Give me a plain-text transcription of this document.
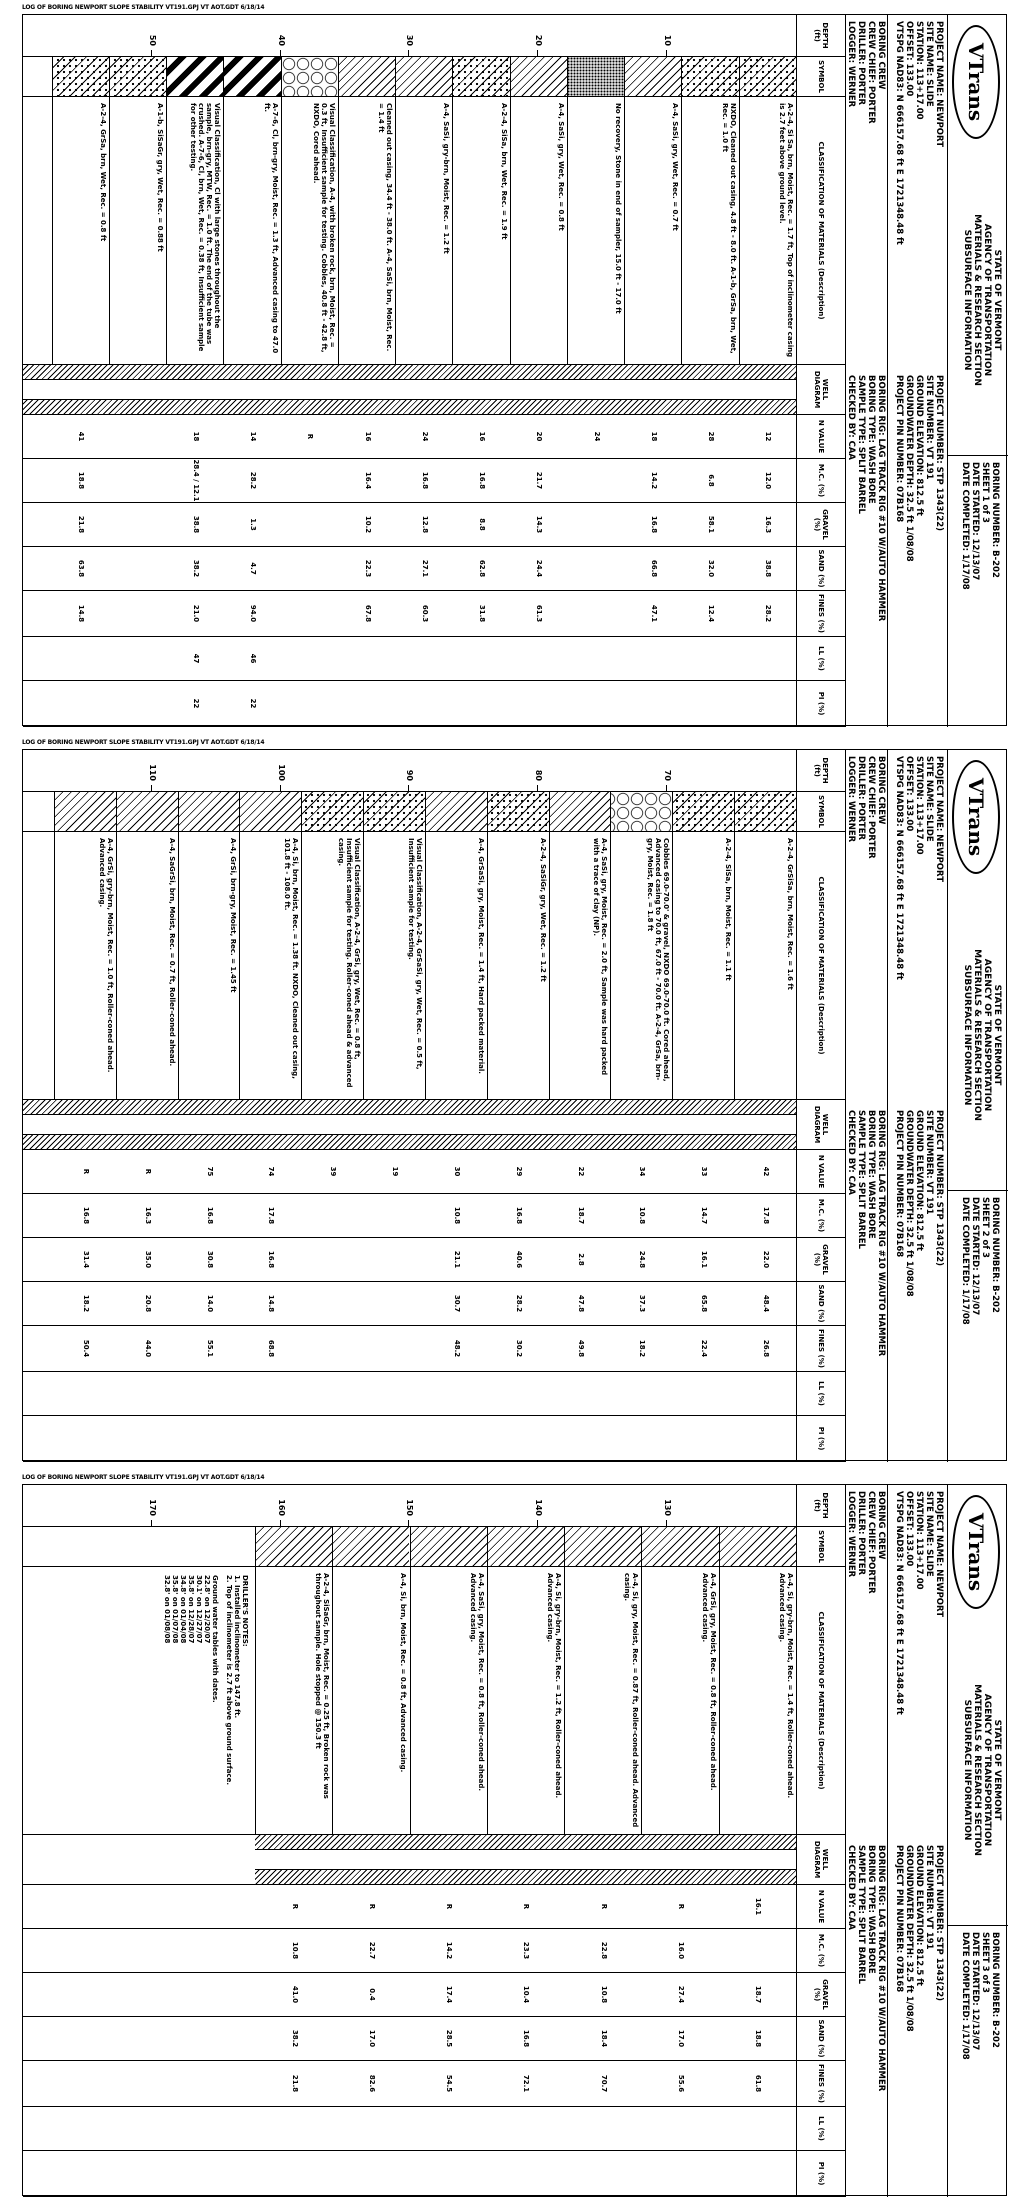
LOG OF BORING NEWPORT SLOPE STABILITY VT191.GPJ VT AOT.GDT 6/18/14
VTrans
STATE OF VERMONT
AGENCY OF TRANSPORTATION
MATERIALS & RESEARCH SECTION
SUBSURFACE INFORMATION
BORING NUMBER: B-202
SHEET 1 of 3
DATE STARTED: 12/13/07
DATE COMPLETED: 1/17/08
PROJECT NAME: NEWPORT
SITE NAME: SLIDE
STATION: 113+17.00
OFFSET: 133.00
VTSPG NAD83: N 666157.68 ft E 1721348.48 ft
PROJECT NUMBER: STP 1343(22)
SITE NUMBER: VT 191
GROUND ELEVATION: 812.5 ft
GROUNDWATER DEPTH: 32.5 ft 1/08/08
PROJECT PIN NUMBER: 07B168
BORING CREW
CREW CHIEF: PORTER
DRILLER: PORTER
LOGGER: WERNER
BORING RIG: LAG TRACK RIG #10 W/AUTO HAMMER
BORING TYPE: WASH BORE
SAMPLE TYPE: SPLIT BARREL
CHECKED BY: CAA
DEPTH (ft)
10
20
30
40
50
SYMBOL
CLASSIFICATION OF MATERIALS (Description)
A-2-4, Si Sa, brn, Moist, Rec. = 1.7 ft, Top of inclinometer casing is 2.7 feet above ground level.
NXDO, Cleaned out casing, 4.8 ft - 8.0 ft. A-1-b, GrSa, brn, Wet, Rec. = 1.0 ft
A-4, SaSi, gry, Wet, Rec. = 0.7 ft
No recovery, Stone in end of sampler, 15.0 ft - 17.0 ft
A-4, SaSi, gry, Wet, Rec. = 0.8 ft
A-2-4, SiSa, brn, Wet, Rec. = 1.9 ft
A-4, SaSi, gry-brn, Moist, Rec. = 1.2 ft
Cleaned out casing, 34.4 ft - 38.0 ft. A-4, SaSi, brn, Moist, Rec. = 1.4 ft
Visual Classification, A-4, with broken rock, brn, Moist, Rec. = 0.3 ft, Insufficient sample for testing. Cobbles, 40.8 ft - 42.8 ft, NXDO, Cored ahead.
A-7-6, Cl, brn-gry, Moist, Rec. = 1.3 ft, Advanced casing to 47.0 ft.
Visual Classification, Cl with large stones throughout the sample, brn-gry, MTW, Rec. = 1.0 ft. The end of the tube was crushed. A-7-6, Cl, brn, Wet, Rec. = 0.38 ft, Insufficient sample for other testing.
A-1-b, SiSaGr, gry, Wet, Rec. = 0.88 ft
A-2-4, GrSa, brn, Wet, Rec. = 0.8 ft
WELL DIAGRAM
N VALUE
12
28
18
24
20
16
24
16
R
14
18
41
M.C. (%)
12.0
6.8
14.2
21.7
16.8
16.8
16.4
28.2
28.4 / 12.1
18.8
GRAVEL (%)
16.3
58.1
16.8
14.3
8.8
12.8
10.2
1.3
38.8
21.8
SAND (%)
38.8
32.0
66.8
24.4
62.8
27.1
22.3
4.7
38.2
63.8
FINES (%)
28.2
12.4
47.1
61.3
31.8
60.3
67.8
94.0
21.0
14.8
LL (%)
46
47
PI (%)
22
22
LOG OF BORING NEWPORT SLOPE STABILITY VT191.GPJ VT AOT.GDT 6/18/14
VTrans
STATE OF VERMONT
AGENCY OF TRANSPORTATION
MATERIALS & RESEARCH SECTION
SUBSURFACE INFORMATION
BORING NUMBER: B-202
SHEET 2 of 3
DATE STARTED: 12/13/07
DATE COMPLETED: 1/17/08
PROJECT NAME: NEWPORT
SITE NAME: SLIDE
STATION: 113+17.00
OFFSET: 133.00
VTSPG NAD83: N 666157.68 ft E 1721348.48 ft
PROJECT NUMBER: STP 1343(22)
SITE NUMBER: VT 191
GROUND ELEVATION: 812.5 ft
GROUNDWATER DEPTH: 32.5 ft 1/08/08
PROJECT PIN NUMBER: 07B168
BORING CREW
CREW CHIEF: PORTER
DRILLER: PORTER
LOGGER: WERNER
BORING RIG: LAG TRACK RIG #10 W/AUTO HAMMER
BORING TYPE: WASH BORE
SAMPLE TYPE: SPLIT BARREL
CHECKED BY: CAA
DEPTH (ft)
70
80
90
100
110
SYMBOL
CLASSIFICATION OF MATERIALS (Description)
A-2-4, GrSiSa, brn, Moist, Rec. = 1.6 ft
A-2-4, SiSa, brn, Moist, Rec. = 1.1 ft
Cobbles 69.0-70.0' & gravel, NXDO 69.0-70.0 ft. Cored ahead, Advanced casing to 70.0 ft, 67.0 ft - 70.0 ft. A-2-4, GrSa, brn-gry, Moist, Rec. = 1.8 ft
A-4, SaSi, gry, Moist, Rec. = 2.0 ft, Sample was hard packed with a trace of clay (NP).
A-2-4, SaSiGr, gry, Wet, Rec. = 1.2 ft
A-4, GrSaSi, gry, Moist, Rec. = 1.4 ft, Hard packed material.
Visual Classification, A-2-4, GrSaSi, gry, Wet, Rec. = 0.5 ft, Insufficient sample for testing.
Visual Classification, A-2-4, GrSi, gry, Wet, Rec. = 0.8 ft, Insufficient sample for testing. Roller-coned ahead & advanced casing.
A-4, Si, brn, Moist, Rec. = 1.38 ft. NXDO, Cleaned out casing, 101.8 ft - 108.0 ft.
A-4, GrSi, brn-gry, Moist, Rec. = 1.45 ft
A-4, SaGrSi, brn, Moist, Rec. = 0.7 ft, Roller-coned ahead.
A-4, GrSi, gry-brn, Moist, Rec. = 1.0 ft, Roller-coned ahead. Advanced casing.
WELL DIAGRAM
N VALUE
42
33
34
22
29
30
19
39
74
75
R
R
M.C. (%)
17.8
14.7
10.8
18.7
16.8
10.8
17.8
16.8
16.3
16.8
GRAVEL (%)
22.0
16.1
24.8
2.8
40.6
21.1
16.8
30.8
35.0
31.4
SAND (%)
48.4
65.8
37.3
47.8
28.2
30.7
14.8
14.0
20.8
18.2
FINES (%)
26.8
22.4
18.2
49.8
30.2
48.2
68.8
55.1
44.0
50.4
LL (%)
PI (%)
LOG OF BORING NEWPORT SLOPE STABILITY VT191.GPJ VT AOT.GDT 6/18/14
VTrans
STATE OF VERMONT
AGENCY OF TRANSPORTATION
MATERIALS & RESEARCH SECTION
SUBSURFACE INFORMATION
BORING NUMBER: B-202
SHEET 3 of 3
DATE STARTED: 12/13/07
DATE COMPLETED: 1/17/08
PROJECT NAME: NEWPORT
SITE NAME: SLIDE
STATION: 113+17.00
OFFSET: 133.00
VTSPG NAD83: N 666157.68 ft E 1721348.48 ft
PROJECT NUMBER: STP 1343(22)
SITE NUMBER: VT 191
GROUND ELEVATION: 812.5 ft
GROUNDWATER DEPTH: 32.5 ft 1/08/08
PROJECT PIN NUMBER: 07B168
BORING CREW
CREW CHIEF: PORTER
DRILLER: PORTER
LOGGER: WERNER
BORING RIG: LAG TRACK RIG #10 W/AUTO HAMMER
BORING TYPE: WASH BORE
SAMPLE TYPE: SPLIT BARREL
CHECKED BY: CAA
DEPTH (ft)
130
140
150
160
170
SYMBOL
CLASSIFICATION OF MATERIALS (Description)
A-4, Si, gry-brn, Moist, Rec. = 1.4 ft, Roller-coned ahead. Advanced casing.
A-4, GrSi, gry, Moist, Rec. = 0.8 ft, Roller-coned ahead. Advanced casing.
A-4, Si, gry, Moist, Rec. = 0.87 ft, Roller-coned ahead. Advanced casing.
A-4, Si, gry-brn, Moist, Rec. = 1.2 ft, Roller-coned ahead. Advanced casing.
A-4, SaSi, gry, Moist, Rec. = 0.8 ft, Roller-coned ahead. Advanced casing.
A-4, Si, brn, Moist, Rec. = 0.8 ft, Advanced casing.
A-2-4, SiSaGr, brn, Moist, Rec. = 0.25 ft, Broken rock was throughout sample. Hole stopped @ 150.3 ft
DRILLER'S NOTES:
1. Installed inclinometer to 147.8 ft.
2. Top of inclinometer is 2.7 ft above ground surface.
Ground water tables with dates.
22.8' on 12/20/07
30.1' on 12/27/07
35.8' on 12/28/07
34.8' on 01/04/08
35.8' on 01/07/08
32.8' on 01/08/08
WELL DIAGRAM
N VALUE
16.1
R
R
R
R
R
R
M.C. (%)
16.0
22.8
23.3
14.2
22.7
10.8
GRAVEL (%)
18.7
27.4
10.8
10.4
17.4
0.4
41.0
SAND (%)
18.8
17.0
18.4
16.8
28.5
17.0
38.2
FINES (%)
61.8
55.6
70.7
72.1
54.5
82.6
21.8
LL (%)
PI (%)
